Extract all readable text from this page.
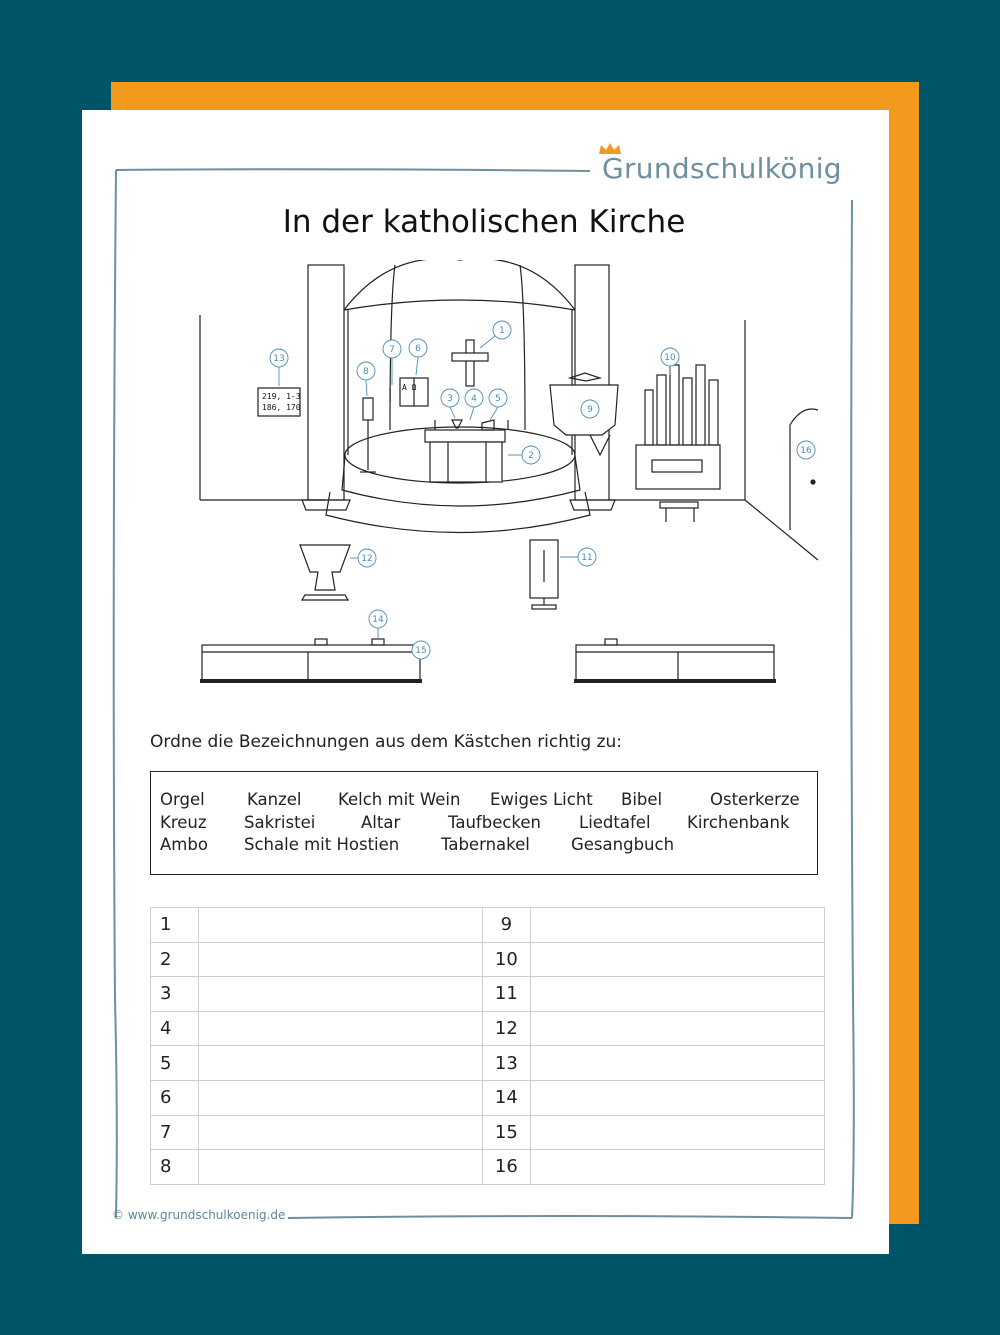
Grundschulkönig
In der katholischen Kirche
219, 1-3
186, 170
A Ω
1
2
3 4 5
6
7
8
9
10
11
12
13
14
15
16
Ordne die Bezeichnungen aus dem Kästchen richtig zu:
Orgel	Kanzel Kelch mit Wein Ewiges Licht Bibel	Osterkerze
Kreuz Sakristei	Altar	Taufbecken Liedtafel Kirchenbank
Ambo Schale mit Hostien	Tabernakel Gesangbuch
1		9	
2		10	
3		11	
4		12	
5		13	
6		14	
7		15	
8		16	
© www.grundschulkoenig.de
